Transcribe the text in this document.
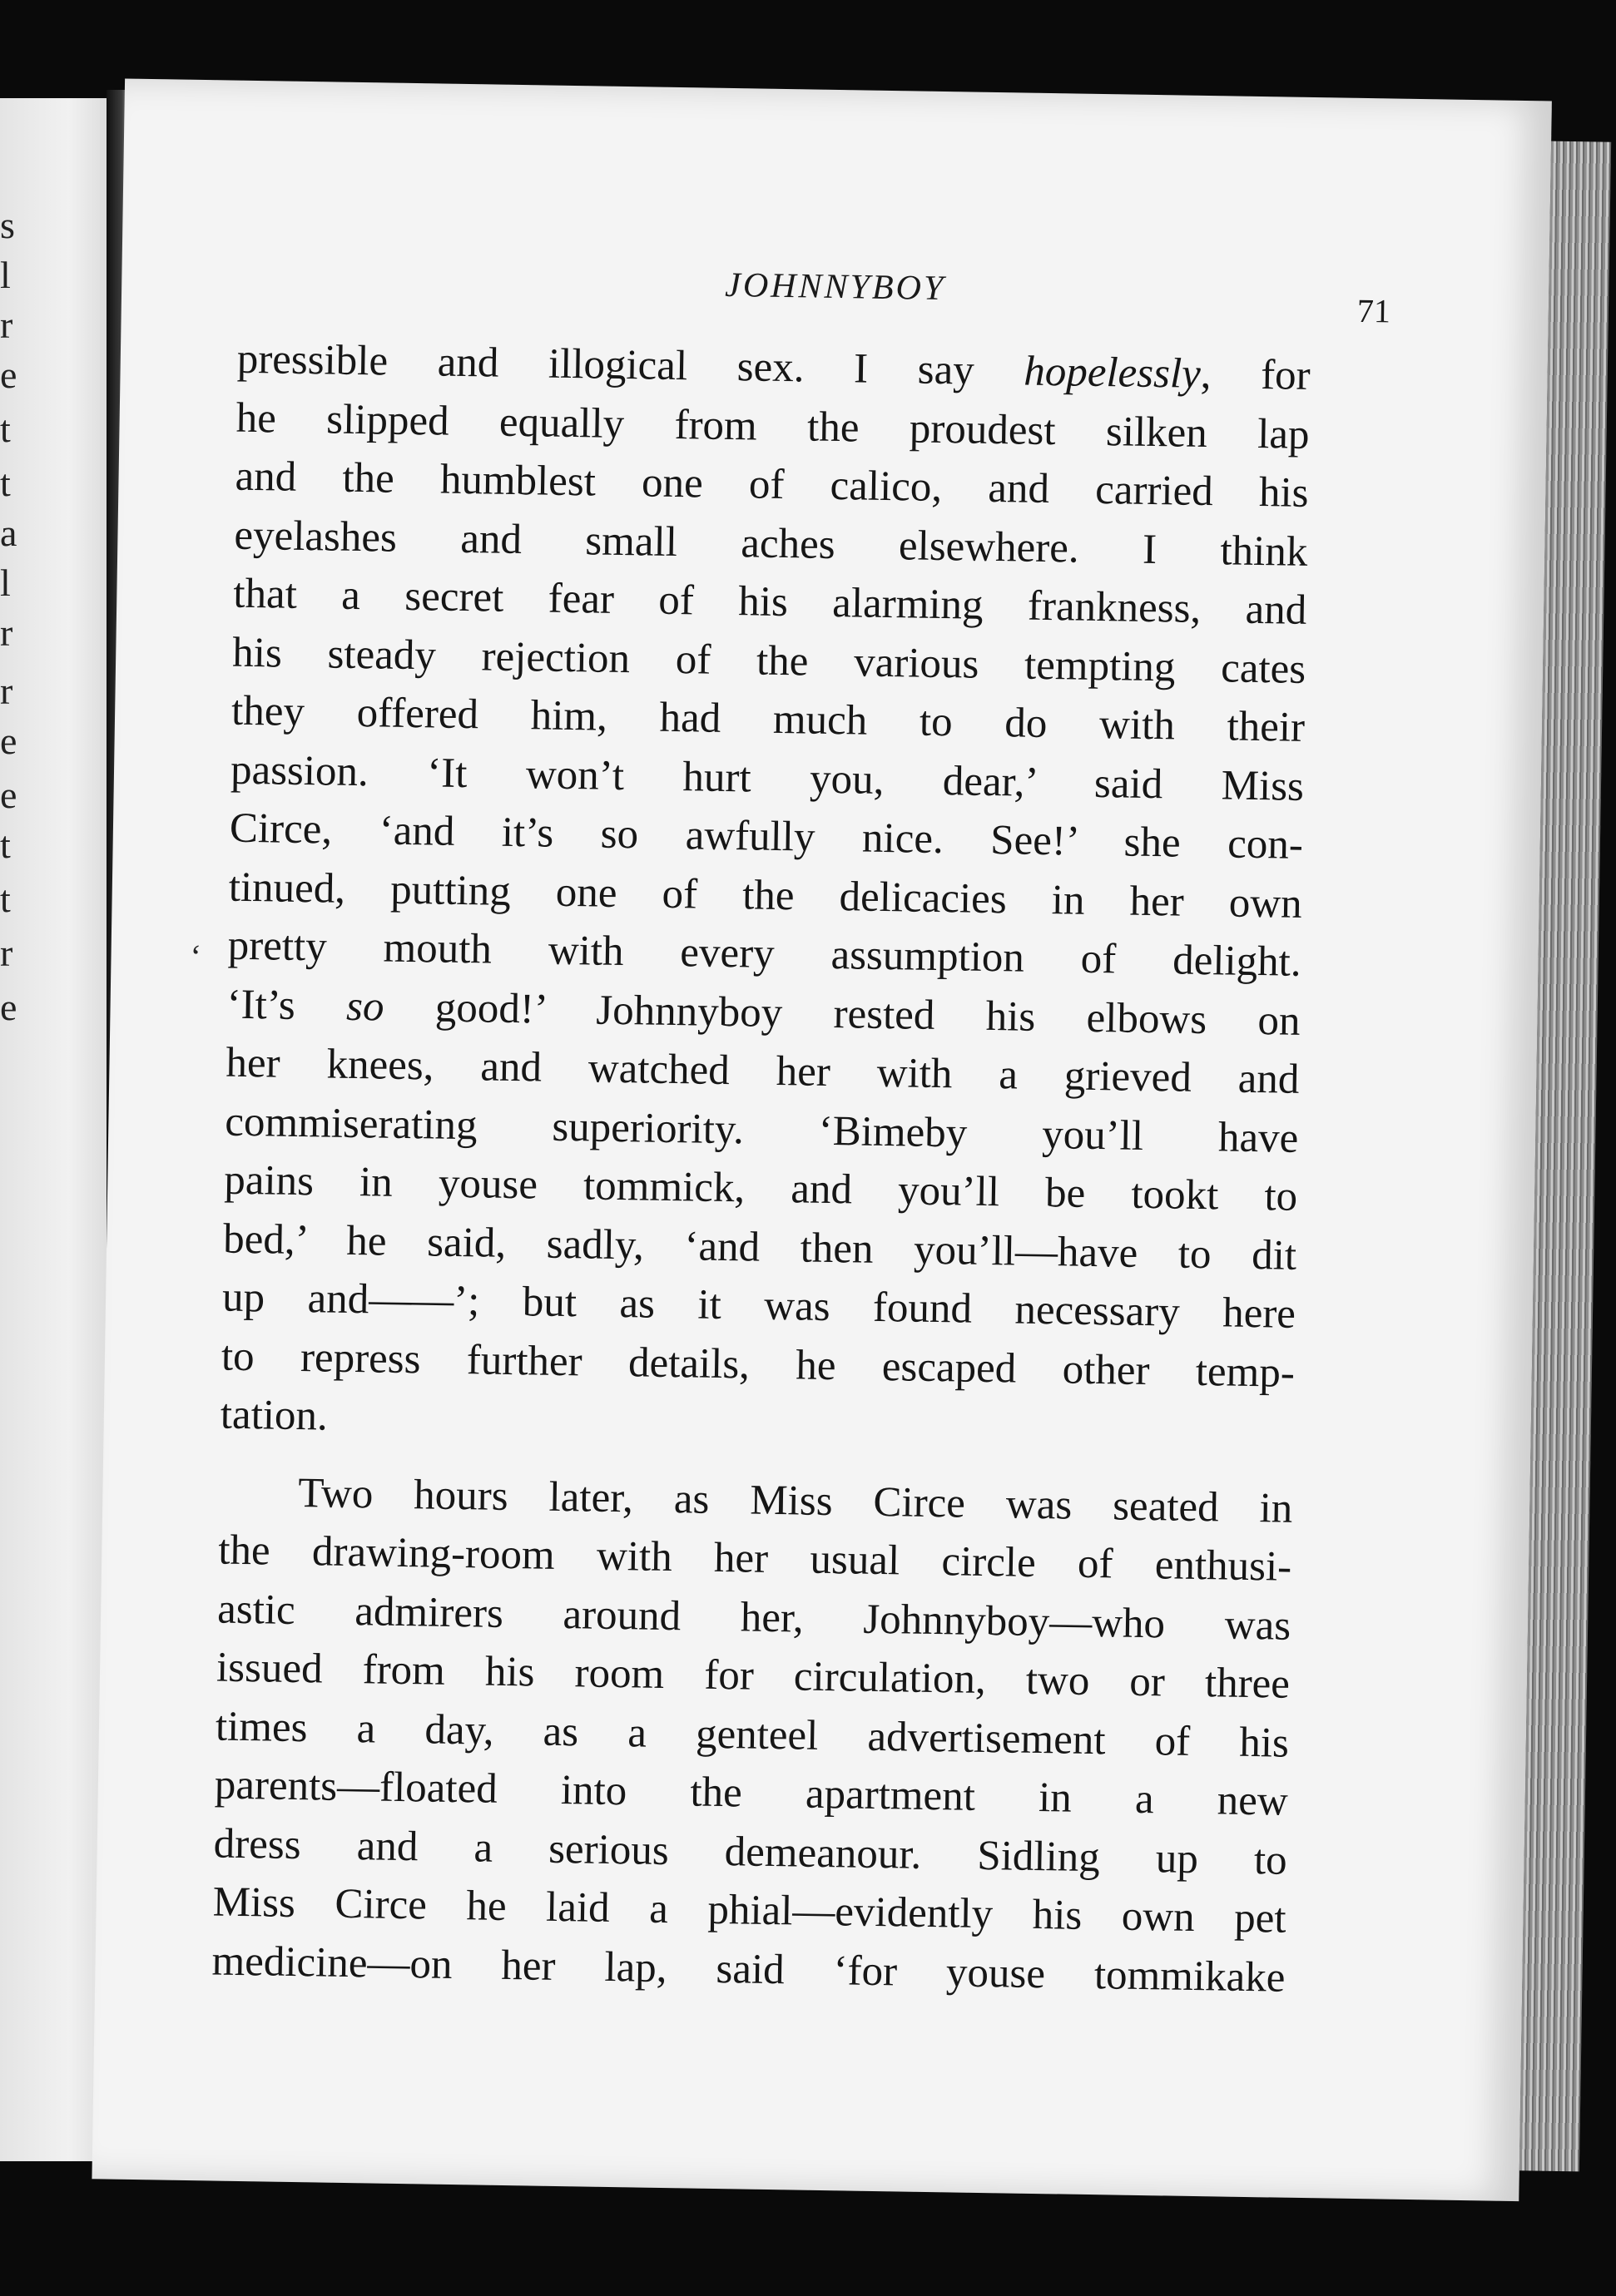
s
l
r
e
t
t
a
l
r
r
e
e
t
t
r
e
JOHNNYBOY
71
‘
pressible and illogical sex. I say hopelessly, for
he slipped equally from the proudest silken lap
and the humblest one of calico, and carried his
eyelashes and small aches elsewhere. I think
that a secret fear of his alarming frankness, and
his steady rejection of the various tempting cates
they offered him, had much to do with their
passion. ‘It won’t hurt you, dear,’ said Miss
Circe, ‘and it’s so awfully nice. See!’ she con-
tinued, putting one of the delicacies in her own
pretty mouth with every assumption of delight.
‘It’s so good!’ Johnnyboy rested his elbows on
her knees, and watched her with a grieved and
commiserating superiority. ‘Bimeby you’ll have
pains in youse tommick, and you’ll be tookt to
bed,’ he said, sadly, ‘and then you’ll—have to dit
up and——’; but as it was found necessary here
to repress further details, he escaped other temp-
tation.
Two hours later, as Miss Circe was seated in
the drawing-room with her usual circle of enthusi-
astic admirers around her, Johnnyboy—who was
issued from his room for circulation, two or three
times a day, as a genteel advertisement of his
parents—floated into the apartment in a new
dress and a serious demeanour. Sidling up to
Miss Circe he laid a phial—evidently his own pet
medicine—on her lap, said ‘for youse tommikake
